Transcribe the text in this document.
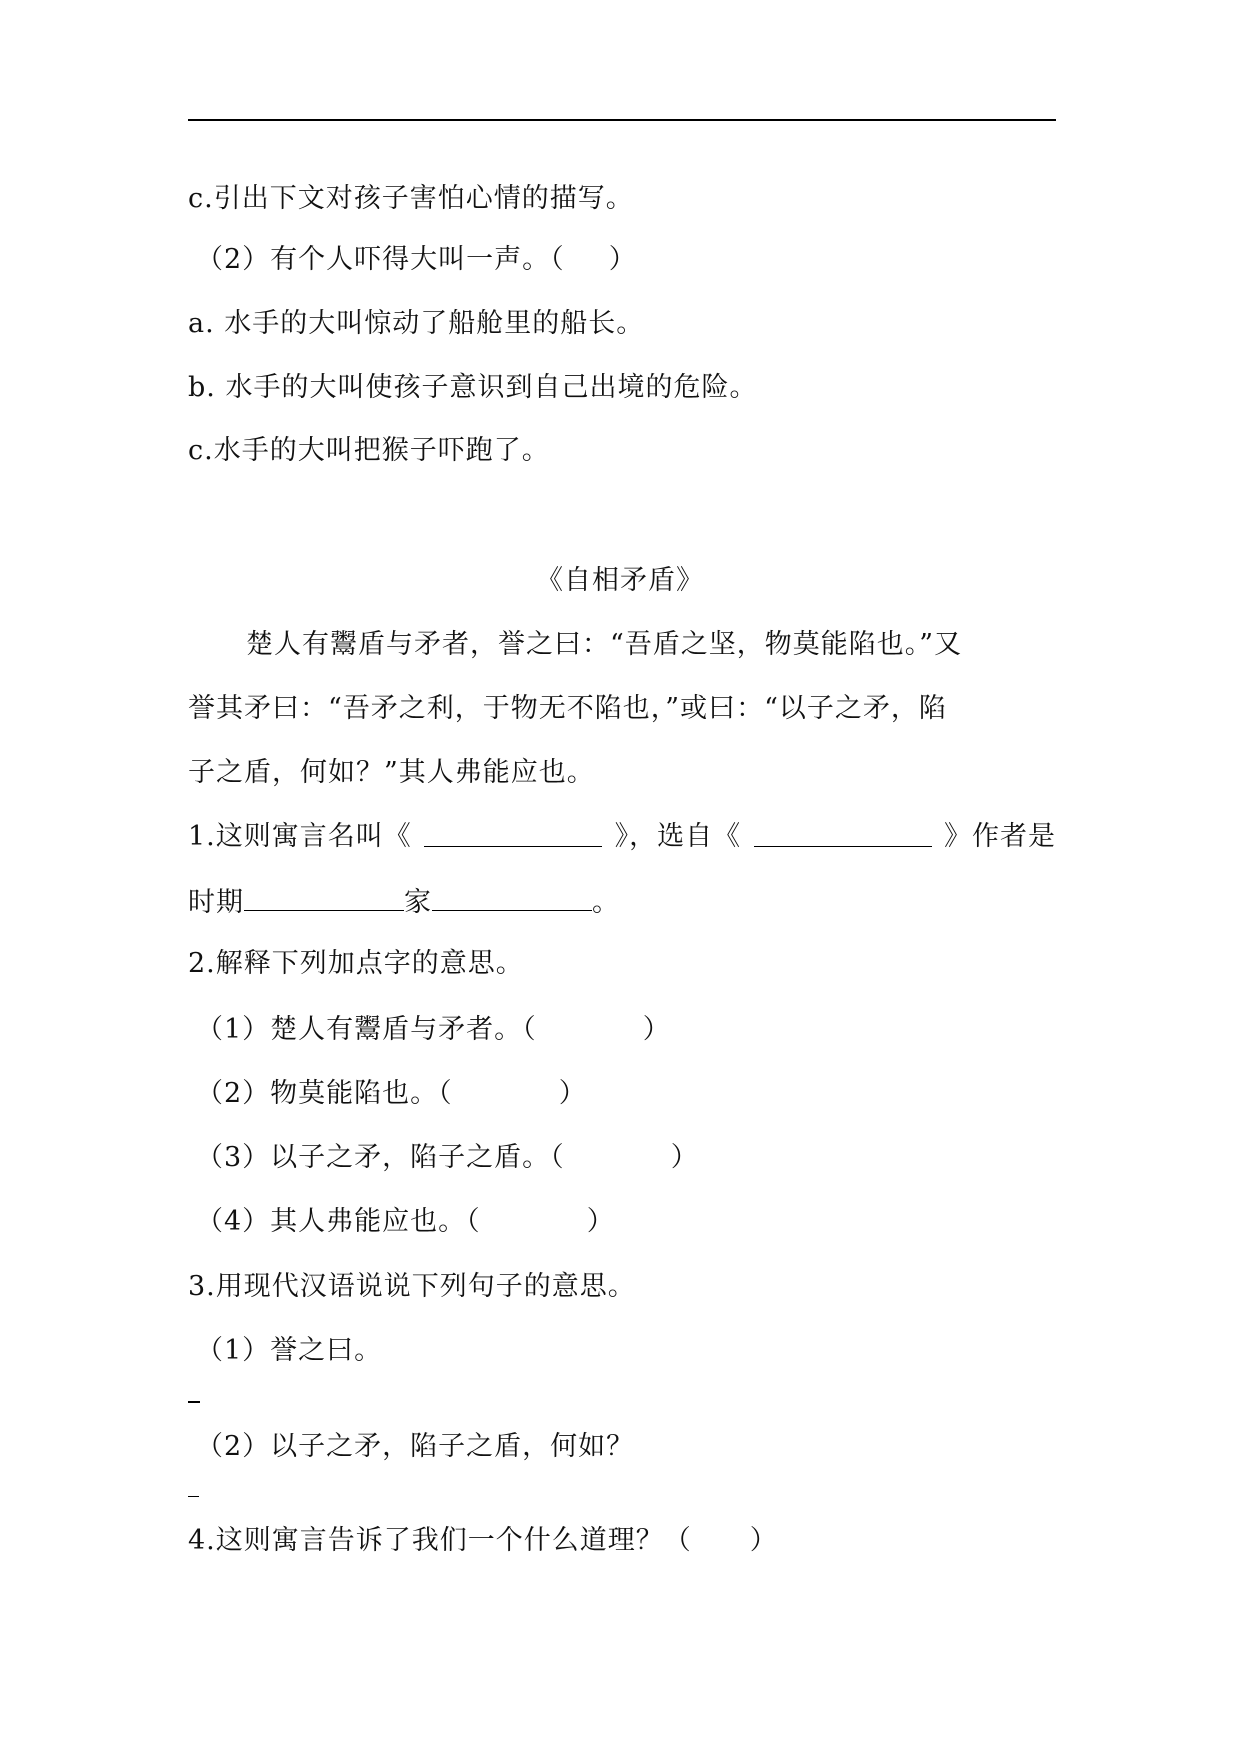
c.引出下文对孩子害怕心情的描写。
（2）有个人吓得大叫一声。（ ）
a. 水手的大叫惊动了船舱里的船长。
b. 水手的大叫使孩子意识到自己出境的危险。
c.水手的大叫把猴子吓跑了。
《自相矛盾》
楚人有鬻盾与矛者，誉之曰：“吾盾之坚，物莫能陷也。”又
誉其矛曰：“吾矛之利，于物无不陷也，”或曰：“以子之矛，陷
子之盾，何如？”其人弗能应也。
1.这则寓言名叫《	》，选自《	》作者是
时期	家	。
2.解释下列加点字的意思。
（1）楚人有鬻盾与矛者。（	）
（2）物莫能陷也。（	）
（3）以子之矛，陷子之盾。（	）
（4）其人弗能应也。（	）
3.用现代汉语说说下列句子的意思。
（1）誉之曰。
（2）以子之矛，陷子之盾，何如？
4.这则寓言告诉了我们一个什么道理？（ ）
